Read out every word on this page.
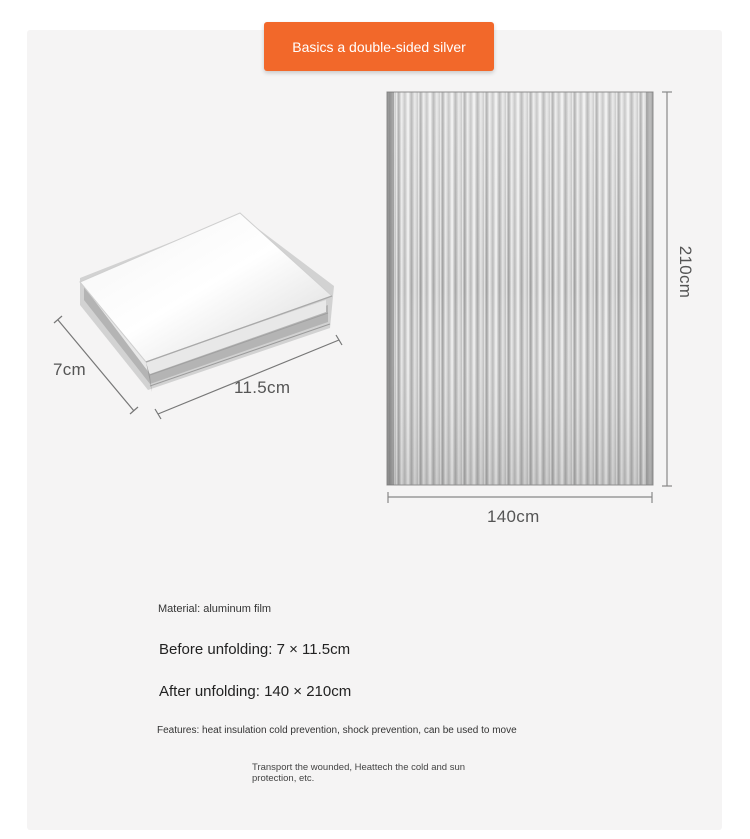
Basics a double-sided silver
7cm
11.5cm
210cm
140cm
Material: aluminum film
Before unfolding: 7 × 11.5cm
After unfolding: 140 × 210cm
Features: heat insulation cold prevention, shock prevention, can be used to move
Transport the wounded, Heattech the cold and sun protection, etc.
